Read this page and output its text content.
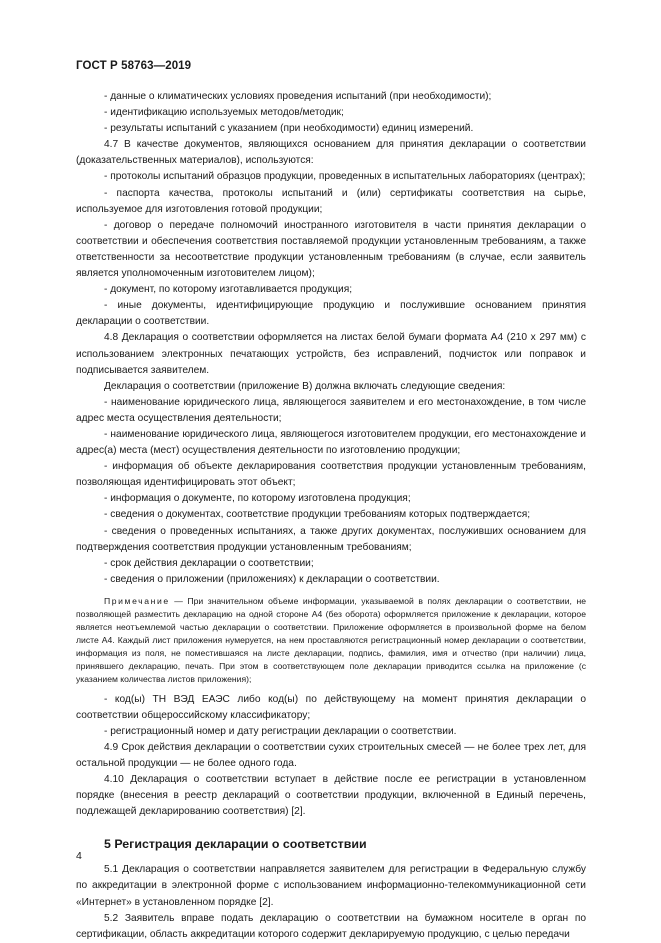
ГОСТ Р 58763—2019

- данные о климатических условиях проведения испытаний (при необходимости);

- идентификацию используемых методов/методик;

- результаты испытаний с указанием (при необходимости) единиц измерений.

4.7 В качестве документов, являющихся основанием для принятия декларации о соответствии (доказательственных материалов), используются:

- протоколы испытаний образцов продукции, проведенных в испытательных лабораториях (центрах);

- паспорта качества, протоколы испытаний и (или) сертификаты соответствия на сырье, используемое для изготовления готовой продукции;

- договор о передаче полномочий иностранного изготовителя в части принятия декларации о соответствии и обеспечения соответствия поставляемой продукции установленным требованиям, а также ответственности за несоответствие продукции установленным требованиям (в случае, если заявитель является уполномоченным изготовителем лицом);

- документ, по которому изготавливается продукция;

- иные документы, идентифицирующие продукцию и послужившие основанием принятия декларации о соответствии.

4.8 Декларация о соответствии оформляется на листах белой бумаги формата А4 (210 х 297 мм) с использованием электронных печатающих устройств, без исправлений, подчисток или поправок и подписывается заявителем.

Декларация о соответствии (приложение В) должна включать следующие сведения:

- наименование юридического лица, являющегося заявителем и его местонахождение, в том числе адрес места осуществления деятельности;

- наименование юридического лица, являющегося изготовителем продукции, его местонахождение и адрес(а) места (мест) осуществления деятельности по изготовлению продукции;

- информация об объекте декларирования соответствия продукции установленным требованиям, позволяющая идентифицировать этот объект;

- информация о документе, по которому изготовлена продукция;

- сведения о документах, соответствие продукции требованиям которых подтверждается;

- сведения о проведенных испытаниях, а также других документах, послуживших основанием для подтверждения соответствия продукции установленным требованиям;

- срок действия декларации о соответствии;

- сведения о приложении (приложениях) к декларации о соответствии.

Примечание — При значительном объеме информации, указываемой в полях декларации о соответствии, не позволяющей разместить декларацию на одной стороне А4 (без оборота) оформляется приложение к декларации, которое является неотъемлемой частью декларации о соответствии. Приложение оформляется в произвольной форме на белом листе А4. Каждый лист приложения нумеруется, на нем проставляются регистрационный номер декларации о соответствии, информация из поля, не поместившаяся на листе декларации, подпись, фамилия, имя и отчество (при наличии) лица, принявшего декларацию, печать. При этом в соответствующем поле декларации приводится ссылка на приложение (с указанием количества листов приложения);

- код(ы) ТН ВЭД ЕАЭС либо код(ы) по действующему на момент принятия декларации о соответствии общероссийскому классификатору;

- регистрационный номер и дату регистрации декларации о соответствии.

4.9 Срок действия декларации о соответствии сухих строительных смесей — не более трех лет, для остальной продукции — не более одного года.

4.10 Декларация о соответствии вступает в действие после ее регистрации в установленном порядке (внесения в реестр деклараций о соответствии продукции, включенной в Единый перечень, подлежащей декларированию соответствия) [2].

5 Регистрация декларации о соответствии

5.1 Декларация о соответствии направляется заявителем для регистрации в Федеральную службу по аккредитации в электронной форме с использованием информационно-телекоммуникационной сети «Интернет» в установленном порядке [2].

5.2 Заявитель вправе подать декларацию о соответствии на бумажном носителе в орган по сертификации, область аккредитации которого содержит декларируемую продукцию, с целью передачи

4
